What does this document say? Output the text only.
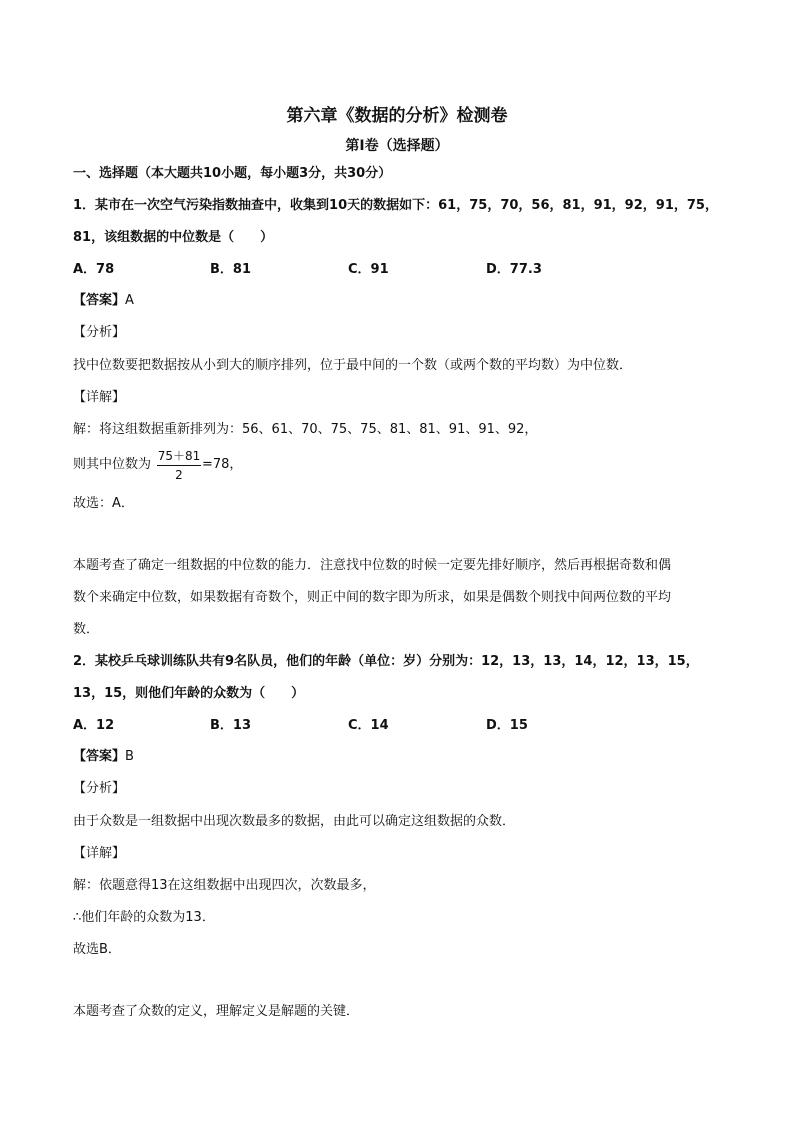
第六章《数据的分析》检测卷
第Ⅰ卷（选择题）
一、选择题（本大题共10小题，每小题3分，共30分）
1．某市在一次空气污染指数抽查中，收集到10天的数据如下：61，75，70，56，81，91，92，91，75，
81，该组数据的中位数是（　　）
A．78	B．81	C．91	D．77.3
【答案】A
【分析】
找中位数要把数据按从小到大的顺序排列，位于最中间的一个数（或两个数的平均数）为中位数．
【详解】
解：将这组数据重新排列为：56、61、70、75、75、81、81、91、91、92，
则其中位数为
75＋81
2
=78，
故选：A．
本题考查了确定一组数据的中位数的能力．注意找中位数的时候一定要先排好顺序，然后再根据奇数和偶
数个来确定中位数，如果数据有奇数个，则正中间的数字即为所求，如果是偶数个则找中间两位数的平均
数．
2．某校乒乓球训练队共有9名队员，他们的年龄（单位：岁）分别为：12，13，13，14，12，13，15，
13，15，则他们年龄的众数为（　　）
A．12	B．13	C．14	D．15
【答案】B
【分析】
由于众数是一组数据中出现次数最多的数据，由此可以确定这组数据的众数．
【详解】
解：依题意得13在这组数据中出现四次，次数最多，
∴他们年龄的众数为13．
故选B．
本题考查了众数的定义，理解定义是解题的关键．
